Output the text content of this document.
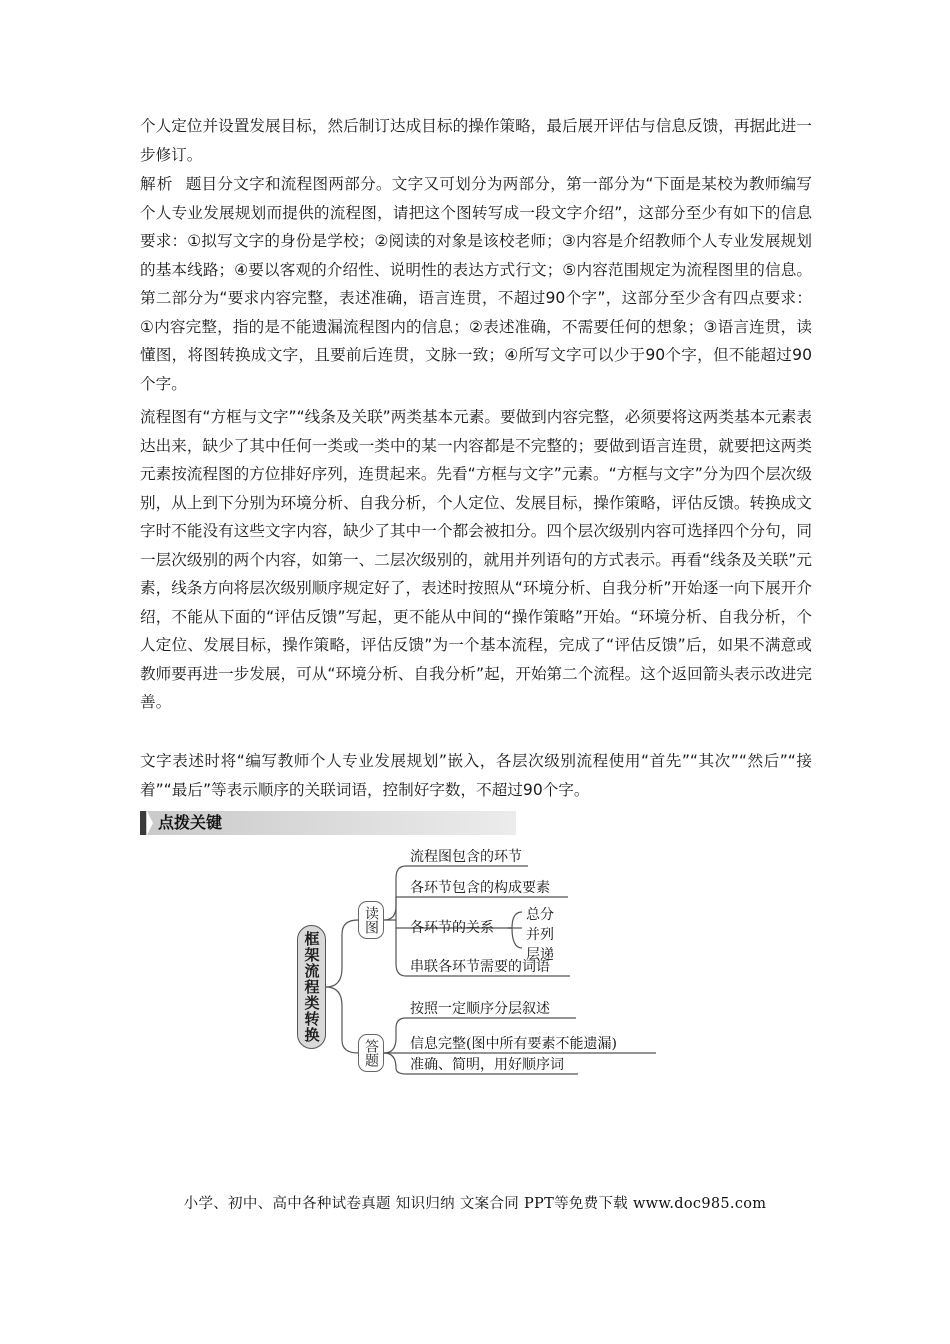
个人定位并设置发展目标，然后制订达成目标的操作策略，最后展开评估与信息反馈，再据此进一步修订。

解析 题目分文字和流程图两部分。文字又可划分为两部分，第一部分为“下面是某校为教师编写个人专业发展规划而提供的流程图，请把这个图转写成一段文字介绍”，这部分至少有如下的信息要求：①拟写文字的身份是学校；②阅读的对象是该校老师；③内容是介绍教师个人专业发展规划的基本线路；④要以客观的介绍性、说明性的表达方式行文；⑤内容范围规定为流程图里的信息。第二部分为“要求内容完整，表述准确，语言连贯，不超过90个字”，这部分至少含有四点要求：①内容完整，指的是不能遗漏流程图内的信息；②表述准确，不需要任何的想象；③语言连贯，读懂图，将图转换成文字，且要前后连贯，文脉一致；④所写文字可以少于90个字，但不能超过90个字。

流程图有“方框与文字”“线条及关联”两类基本元素。要做到内容完整，必须要将这两类基本元素表达出来，缺少了其中任何一类或一类中的某一内容都是不完整的；要做到语言连贯，就要把这两类元素按流程图的方位排好序列，连贯起来。先看“方框与文字”元素。“方框与文字”分为四个层次级别，从上到下分别为环境分析、自我分析，个人定位、发展目标，操作策略，评估反馈。转换成文字时不能没有这些文字内容，缺少了其中一个都会被扣分。四个层次级别内容可选择四个分句，同一层次级别的两个内容，如第一、二层次级别的，就用并列语句的方式表示。再看“线条及关联”元素，线条方向将层次级别顺序规定好了，表述时按照从“环境分析、自我分析”开始逐一向下展开介绍，不能从下面的“评估反馈”写起，更不能从中间的“操作策略”开始。“环境分析、自我分析，个人定位、发展目标，操作策略，评估反馈”为一个基本流程，完成了“评估反馈”后，如果不满意或教师要再进一步发展，可从“环境分析、自我分析”起，开始第二个流程。这个返回箭头表示改进完善。

文字表述时将“编写教师个人专业发展规划”嵌入，各层次级别流程使用“首先”“其次”“然后”“接着”“最后”等表示顺序的关联词语，控制好字数，不超过90个字。

点拨关键
框架流程类转换
读图
答题
流程图包含的环节
各环节包含的构成要素
各环节的关系
总分
并列
层递
串联各环节需要的词语
按照一定顺序分层叙述
信息完整(图中所有要素不能遗漏)
准确、简明，用好顺序词
小学、初中、高中各种试卷真题 知识归纳 文案合同 PPT等免费下载 www.doc985.com
